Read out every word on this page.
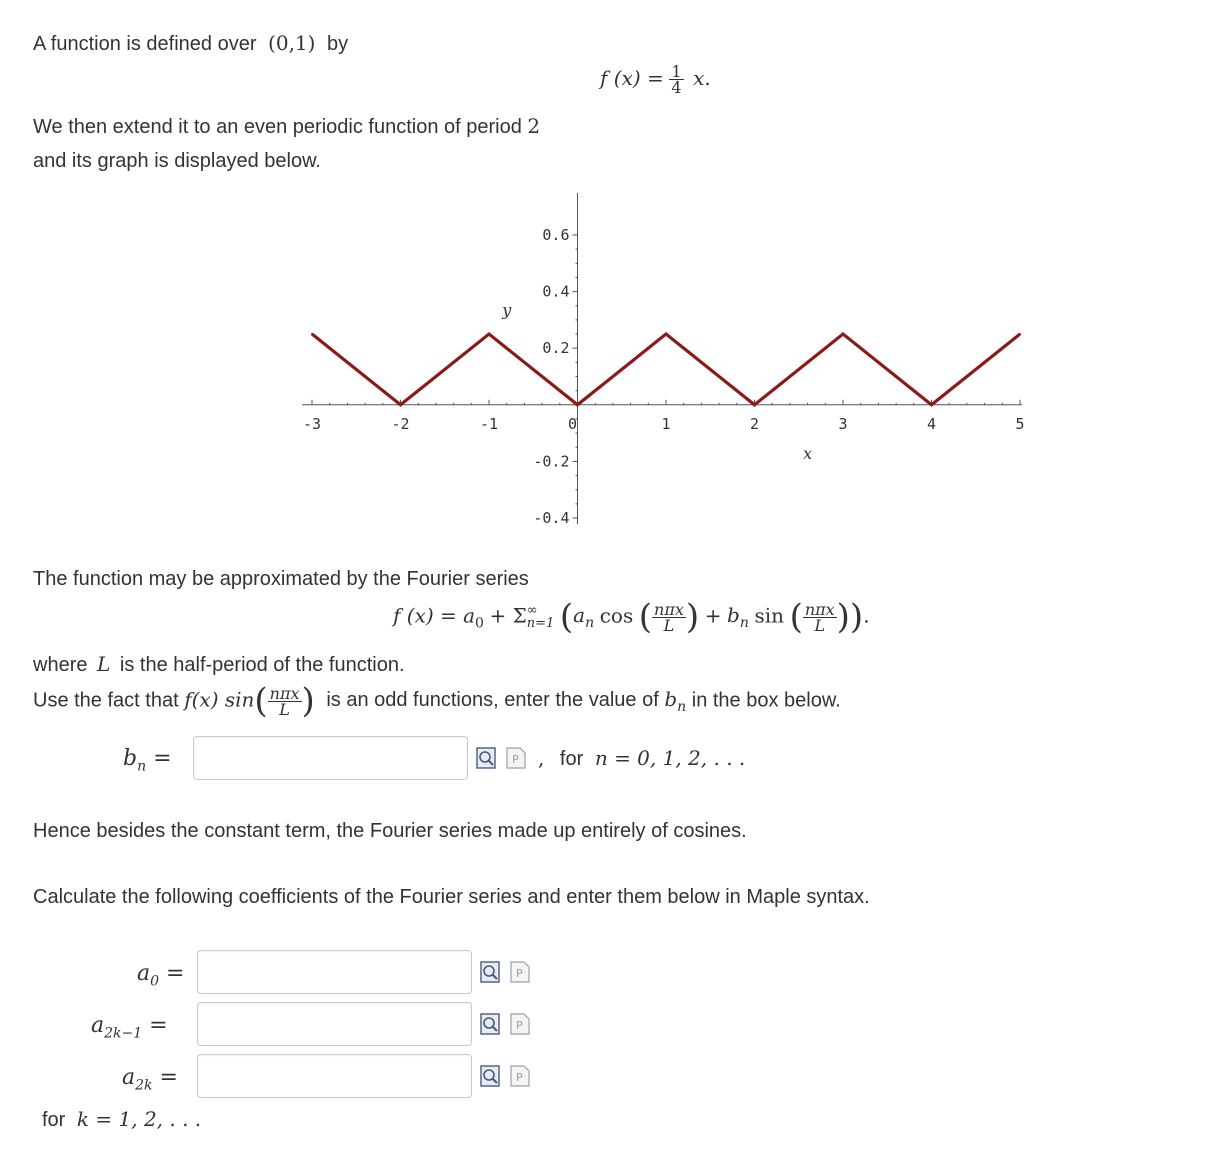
A function is defined over (0,1) by
f $(x) = \frac{1}{4} x$.
We then extend it to an even periodic function of period 2
and its graph is displayed below.
-3	-2	-1	0	1	2	3	4	5
0.6
0.4
0.2
-0.2
-0.4
x
y
The function may be approximated by the Fourier series
f $(x) = a_0 + \Sigma$ ∞
n=1 ($a_n$ cos ( $\frac{\text{nπx}}{L}$ ) + $b_n$ sin ( $\frac{\text{nπx}}{L}$ )).
where L is the half-period of the function.
Use the fact that f(x) $\sin( \frac{\text{nπx}}{L}$ ) is an odd functions, enter the value of $b_n$ in the box below.
$b_n$ =	P , for n = 0, 1, 2, . . .
Hence besides the constant term, the Fourier series made up entirely of cosines.
Calculate the following coefficients of the Fourier series and enter them below in Maple syntax.
$a_0$ =	P
$a_{2k-1}$ =	P
$a_{2k}$ =	P
for k = 1, 2, . . .
